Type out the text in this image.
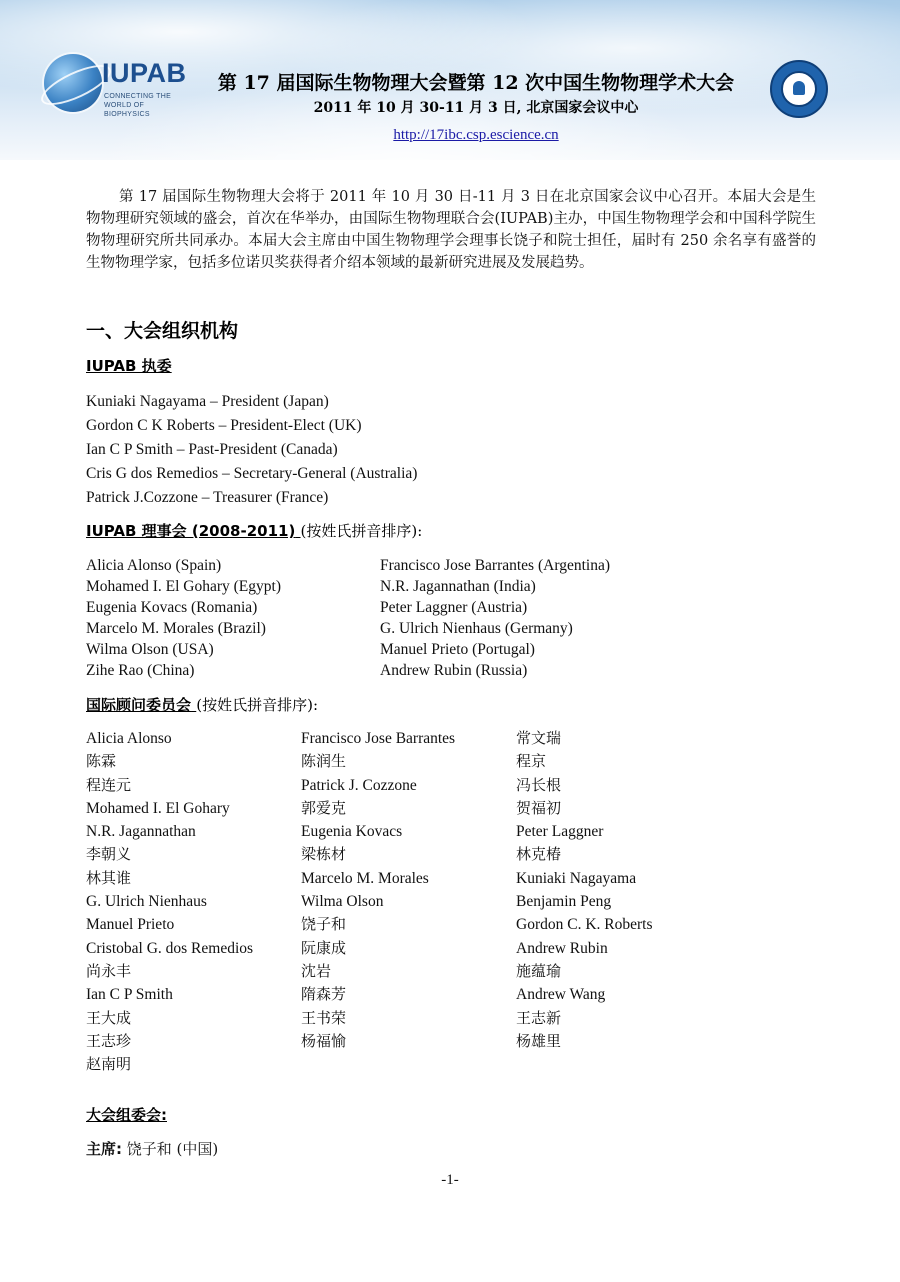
IUPAB
CONNECTING THE WORLD OF BIOPHYSICS
第 17 届国际生物物理大会暨第 12 次中国生物物理学术大会
2011 年 10 月 30-11 月 3 日, 北京国家会议中心
http://17ibc.csp.escience.cn
第 17 届国际生物物理大会将于 2011 年 10 月 30 日-11 月 3 日在北京国家会议中心召开。本届大会是生物物理研究领域的盛会，首次在华举办，由国际生物物理联合会(IUPAB)主办，中国生物物理学会和中国科学院生物物理研究所共同承办。本届大会主席由中国生物物理学会理事长饶子和院士担任，届时有 250 余名享有盛誉的生物物理学家，包括多位诺贝奖获得者介绍本领域的最新研究进展及发展趋势。
一、大会组织机构
IUPAB 执委
Kuniaki Nagayama – President (Japan)
Gordon C K Roberts – President-Elect (UK)
Ian C P Smith – Past-President (Canada)
Cris G dos Remedios – Secretary-General (Australia)
Patrick J.Cozzone – Treasurer (France)
IUPAB 理事会 (2008-2011) (按姓氏拼音排序):
Alicia Alonso (Spain)
Mohamed I. El Gohary (Egypt)
Eugenia Kovacs (Romania)
Marcelo M. Morales (Brazil)
Wilma Olson (USA)
Zihe Rao (China)
Francisco Jose Barrantes (Argentina)
N.R. Jagannathan (India)
Peter Laggner (Austria)
G. Ulrich Nienhaus (Germany)
Manuel Prieto (Portugal)
Andrew Rubin (Russia)
国际顾问委员会 (按姓氏拼音排序):
Alicia Alonso
陈霖
程连元
Mohamed I. El Gohary
N.R. Jagannathan
李朝义
林其谁
G. Ulrich Nienhaus
Manuel Prieto
Cristobal G. dos Remedios
尚永丰
Ian C P Smith
王大成
王志珍
赵南明
Francisco Jose Barrantes
陈润生
Patrick J. Cozzone
郭爱克
Eugenia Kovacs
梁栋材
Marcelo M. Morales
Wilma Olson
饶子和
阮康成
沈岩
隋森芳
王书荣
杨福愉
常文瑞
程京
冯长根
贺福初
Peter Laggner
林克椿
Kuniaki Nagayama
Benjamin Peng
Gordon C. K. Roberts
Andrew Rubin
施蕴瑜
Andrew Wang
王志新
杨雄里
大会组委会:
主席: 饶子和 (中国)
-1-
